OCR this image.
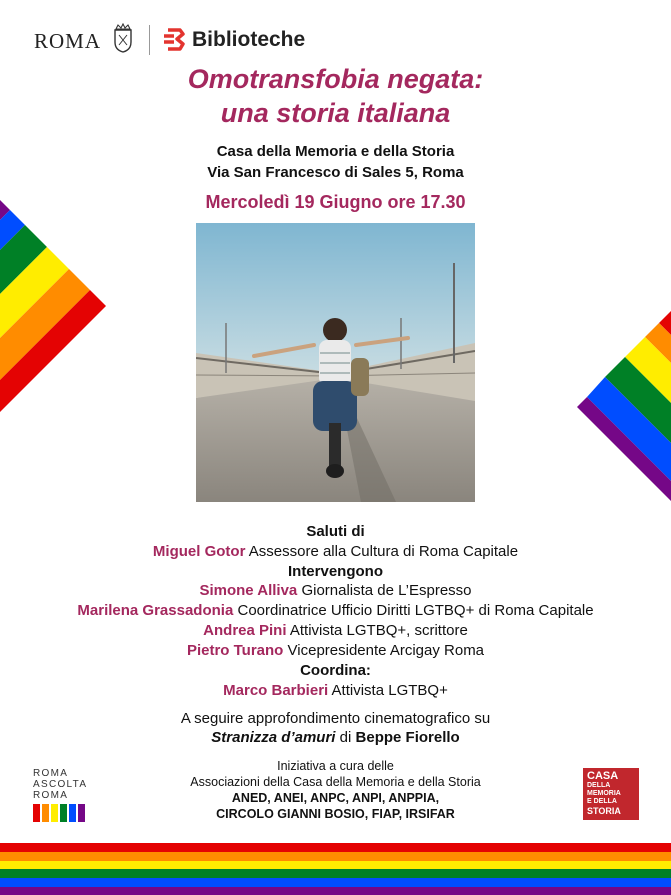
ROMA	Biblioteche
Omotransfobia negata:
una storia italiana
Casa della Memoria e della Storia
Via San Francesco di Sales 5, Roma
Mercoledì 19 Giugno ore 17.30
Saluti di
Miguel Gotor Assessore alla Cultura di Roma Capitale
Intervengono
Simone Alliva Giornalista de L’Espresso
Marilena Grassadonia Coordinatrice Ufficio Diritti LGTBQ+ di Roma Capitale
Andrea Pini Attivista LGTBQ+, scrittore
Pietro Turano Vicepresidente Arcigay Roma
Coordina:
Marco Barbieri Attivista LGTBQ+
A seguire approfondimento cinematografico su
Stranizza d’amuri di Beppe Fiorello
Iniziativa a cura delle
Associazioni della Casa della Memoria e della Storia
ANED, ANEI, ANPC, ANPI, ANPPIA,
CIRCOLO GIANNI BOSIO, FIAP, IRSIFAR
ROMA
ASCOLTA
ROMA
CASA
DELLA
MEMORIA
E DELLA
STORIA
